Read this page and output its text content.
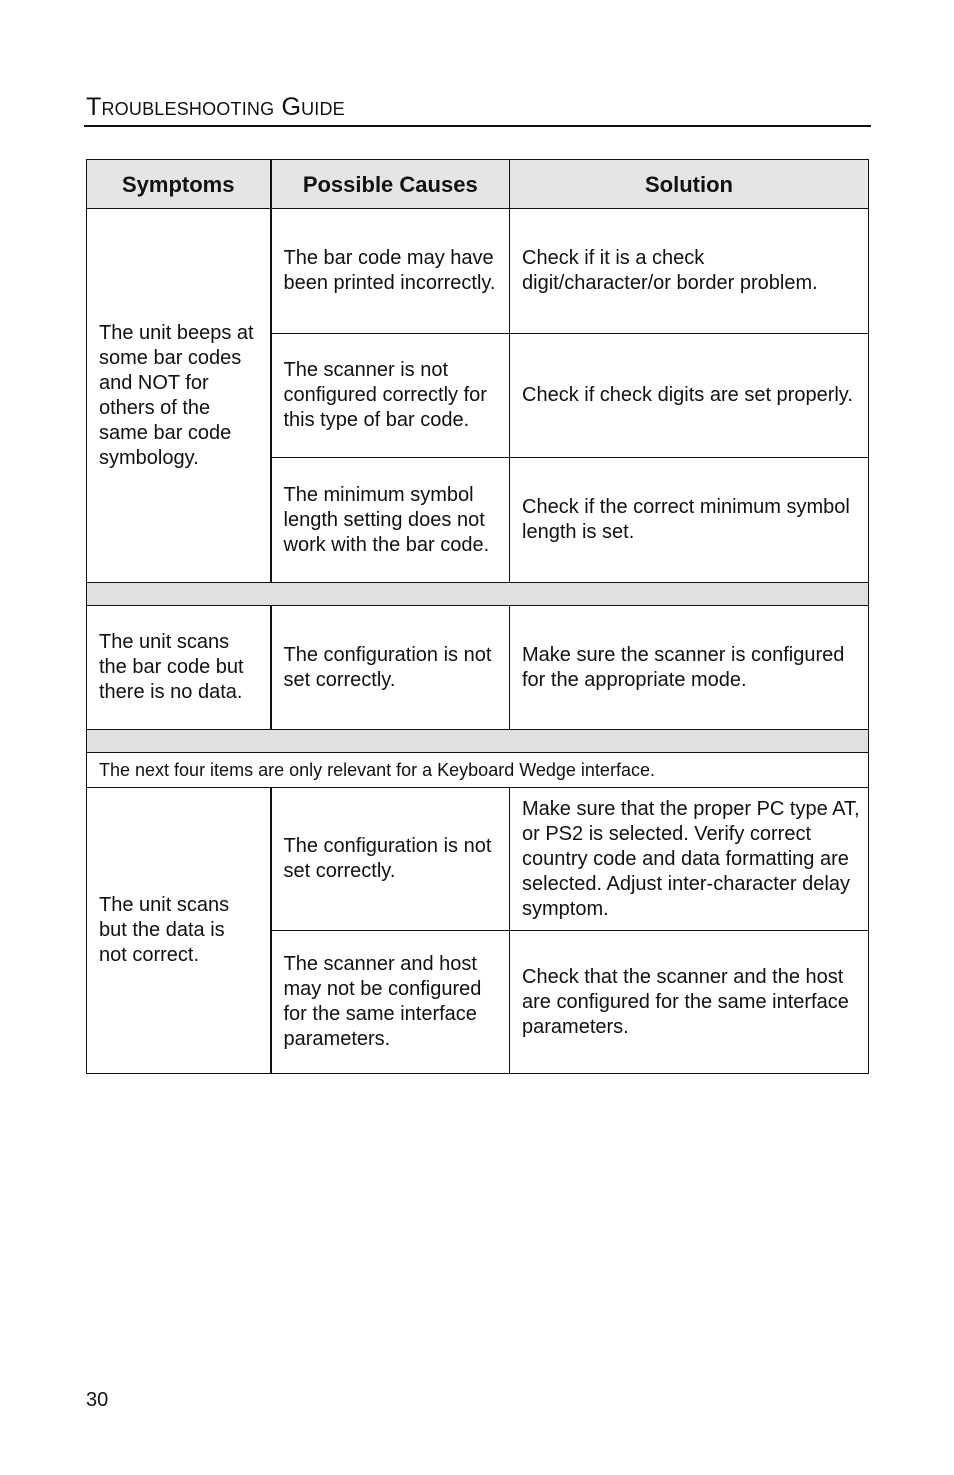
Troubleshooting Guide
Symptoms	Possible Causes	Solution
The unit beeps at some bar codes and NOT for others of the same bar code symbology.	The bar code may have been printed incorrectly.	Check if it is a check digit/character/or border problem.
	The scanner is not configured correctly for this type of bar code.	Check if check digits are set properly.
	The minimum symbol length setting does not work with the bar code.	Check if the correct minimum symbol length is set.

The unit scans the bar code but there is no data.	The configuration is not set correctly.	Make sure the scanner is configured for the appropriate mode.

The next four items are only relevant for a Keyboard Wedge interface.		
The unit scans but the data is not correct.	The configuration is not set correctly.	Make sure that the proper PC type AT, or PS2 is selected. Verify correct country code and data formatting are selected. Adjust inter-character delay symptom.
	The scanner and host may not be configured for the same interface parameters.	Check that the scanner and the host are configured for the same interface parameters.
30
